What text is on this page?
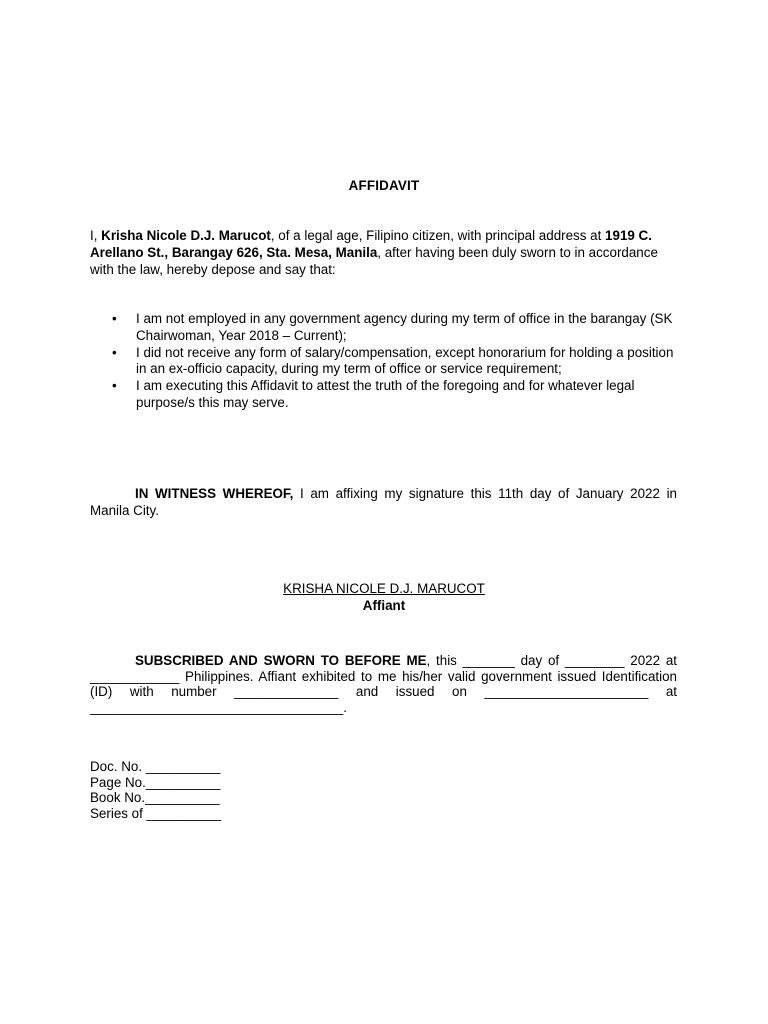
AFFIDAVIT
I, Krisha Nicole D.J. Marucot, of a legal age, Filipino citizen, with principal address at 1919 C. Arellano St., Barangay 626, Sta. Mesa, Manila, after having been duly sworn to in accordance with the law, hereby depose and say that:
• I am not employed in any government agency during my term of office in the barangay (SK Chairwoman, Year 2018 – Current);
• I did not receive any form of salary/compensation, except honorarium for holding a position in an ex-officio capacity, during my term of office or service requirement;
• I am executing this Affidavit to attest the truth of the foregoing and for whatever legal purpose/s this may serve.
IN WITNESS WHEREOF, I am affixing my signature this 11th day of January 2022 in Manila City.
KRISHA NICOLE D.J. MARUCOT
Affiant
SUBSCRIBED AND SWORN TO BEFORE ME, this _______ day of ________ 2022 at ____________ Philippines. Affiant exhibited to me his/her valid government issued Identification (ID) with number ______________ and issued on ______________________ at __________________________________.
Doc. No. __________
Page No.__________
Book No.__________
Series of __________
